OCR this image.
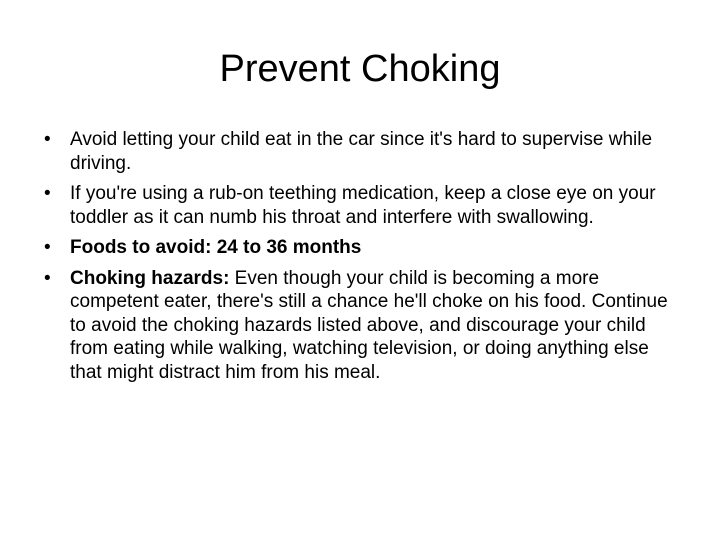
Prevent Choking
•	Avoid letting your child eat in the car since it's hard to supervise while driving.
•	If you're using a rub-on teething medication, keep a close eye on your toddler as it can numb his throat and interfere with swallowing.
•	Foods to avoid: 24 to 36 months
•	Choking hazards: Even though your child is becoming a more competent eater, there's still a chance he'll choke on his food. Continue to avoid the choking hazards listed above, and discourage your child from eating while walking, watching television, or doing anything else that might distract him from his meal.
